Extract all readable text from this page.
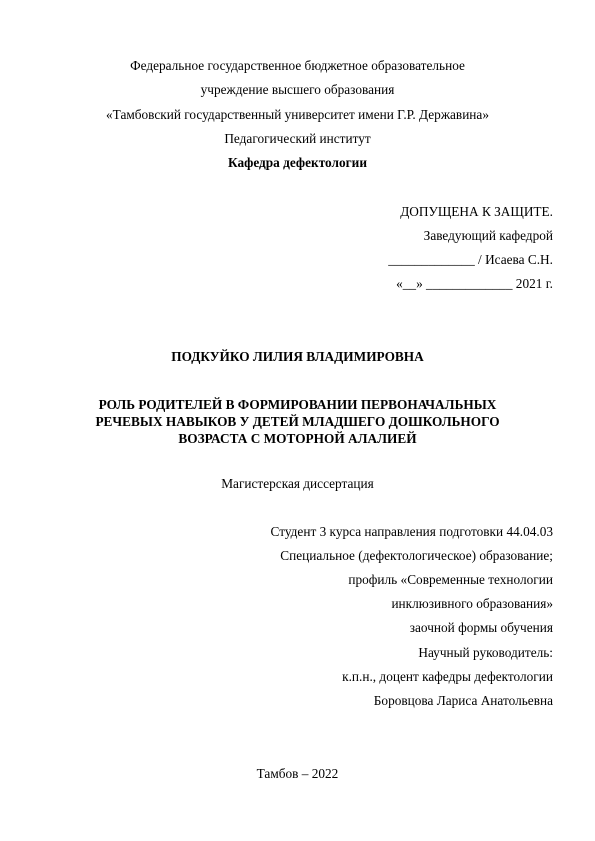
Федеральное государственное бюджетное образовательное
учреждение высшего образования
«Тамбовский государственный университет имени Г.Р. Державина»
Педагогический институт
Кафедра дефектологии
ДОПУЩЕНА К ЗАЩИТЕ.
Заведующий кафедрой
_____________ / Исаева С.Н.
«__» _____________ 2021 г.
ПОДКУЙКО ЛИЛИЯ ВЛАДИМИРОВНА
РОЛЬ РОДИТЕЛЕЙ В ФОРМИРОВАНИИ ПЕРВОНАЧАЛЬНЫХ
РЕЧЕВЫХ НАВЫКОВ У ДЕТЕЙ МЛАДШЕГО ДОШКОЛЬНОГО
ВОЗРАСТА С МОТОРНОЙ АЛАЛИЕЙ
Магистерская диссертация
Студент 3 курса направления подготовки 44.04.03
Специальное (дефектологическое) образование;
профиль «Современные технологии
инклюзивного образования»
заочной формы обучения
Научный руководитель:
к.п.н., доцент кафедры дефектологии
Боровцова Лариса Анатольевна
Тамбов – 2022
